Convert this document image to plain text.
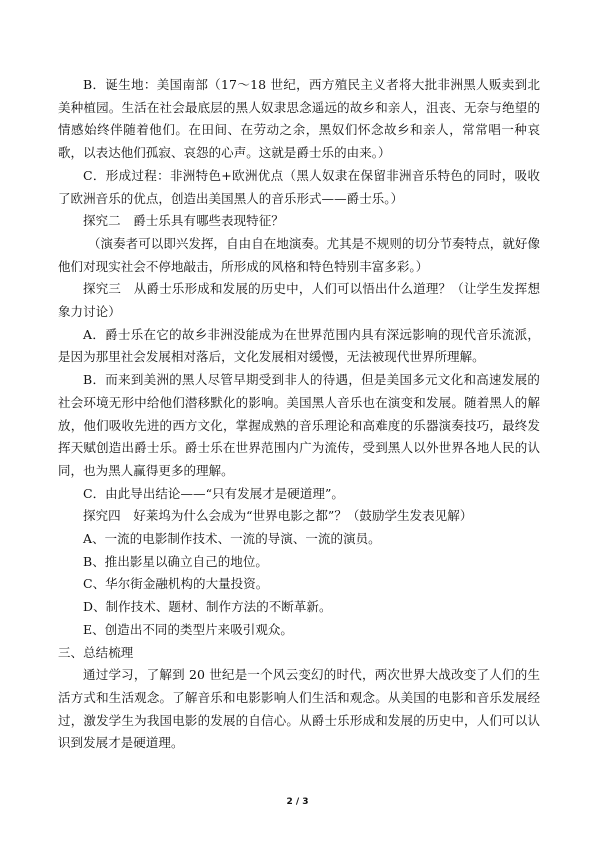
B．诞生地：美国南部（17～18 世纪，西方殖民主义者将大批非洲黑人贩卖到北美种植园。生活在社会最底层的黑人奴隶思念遥远的故乡和亲人，沮丧、无奈与绝望的情感始终伴随着他们。在田间、在劳动之余，黑奴们怀念故乡和亲人，常常唱一种哀歌，以表达他们孤寂、哀怨的心声。这就是爵士乐的由来。）

C．形成过程：非洲特色+欧洲优点（黑人奴隶在保留非洲音乐特色的同时，吸收了欧洲音乐的优点，创造出美国黑人的音乐形式——爵士乐。）

探究二　爵士乐具有哪些表现特征？

（演奏者可以即兴发挥，自由自在地演奏。尤其是不规则的切分节奏特点，就好像他们对现实社会不停地敲击，所形成的风格和特色特别丰富多彩。）

探究三　从爵士乐形成和发展的历史中，人们可以悟出什么道理？（让学生发挥想象力讨论）

A．爵士乐在它的故乡非洲没能成为在世界范围内具有深远影响的现代音乐流派，是因为那里社会发展相对落后，文化发展相对缓慢，无法被现代世界所理解。

B．而来到美洲的黑人尽管早期受到非人的待遇，但是美国多元文化和高速发展的社会环境无形中给他们潜移默化的影响。美国黑人音乐也在演变和发展。随着黑人的解放，他们吸收先进的西方文化，掌握成熟的音乐理论和高难度的乐器演奏技巧，最终发挥天赋创造出爵士乐。爵士乐在世界范围内广为流传，受到黑人以外世界各地人民的认同，也为黑人赢得更多的理解。

C．由此导出结论——“只有发展才是硬道理”。

探究四　好莱坞为什么会成为“世界电影之都”？（鼓励学生发表见解）

A、一流的电影制作技术、一流的导演、一流的演员。

B、推出影星以确立自己的地位。

C、华尔街金融机构的大量投资。

D、制作技术、题材、制作方法的不断革新。

E、创造出不同的类型片来吸引观众。

三、总结梳理

通过学习，了解到 20 世纪是一个风云变幻的时代，两次世界大战改变了人们的生活方式和生活观念。了解音乐和电影影响人们生活和观念。从美国的电影和音乐发展经过，激发学生为我国电影的发展的自信心。从爵士乐形成和发展的历史中，人们可以认识到发展才是硬道理。

2 / 3
